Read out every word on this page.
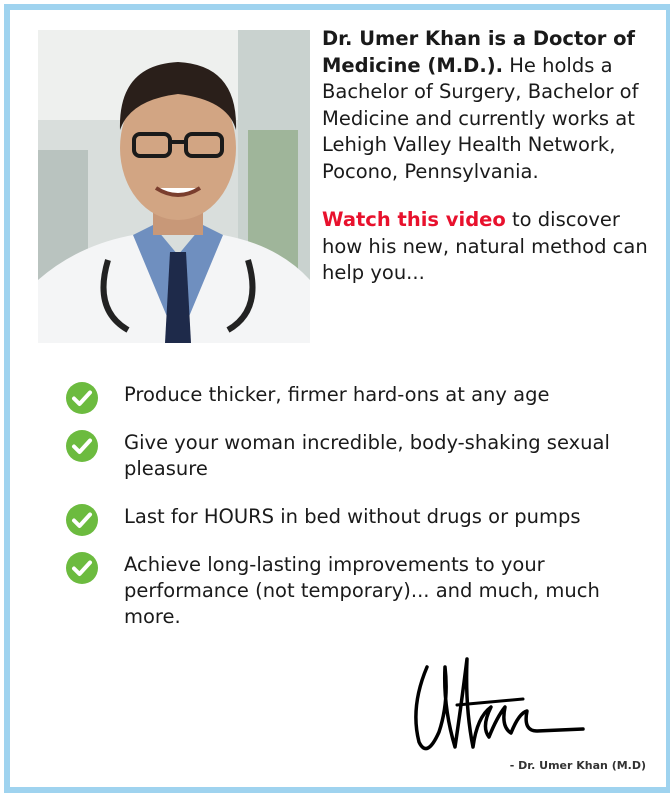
Dr. Umer Khan is a Doctor of Medicine (M.D.). He holds a Bachelor of Surgery, Bachelor of Medicine and currently works at Lehigh Valley Health Network, Pocono, Pennsylvania.
Watch this video to discover how his new, natural method can help you...
Produce thicker, firmer hard-ons at any age
Give your woman incredible, body-shaking sexual pleasure
Last for HOURS in bed without drugs or pumps
Achieve long-lasting improvements to your performance (not temporary)... and much, much more.
- Dr. Umer Khan (M.D)
